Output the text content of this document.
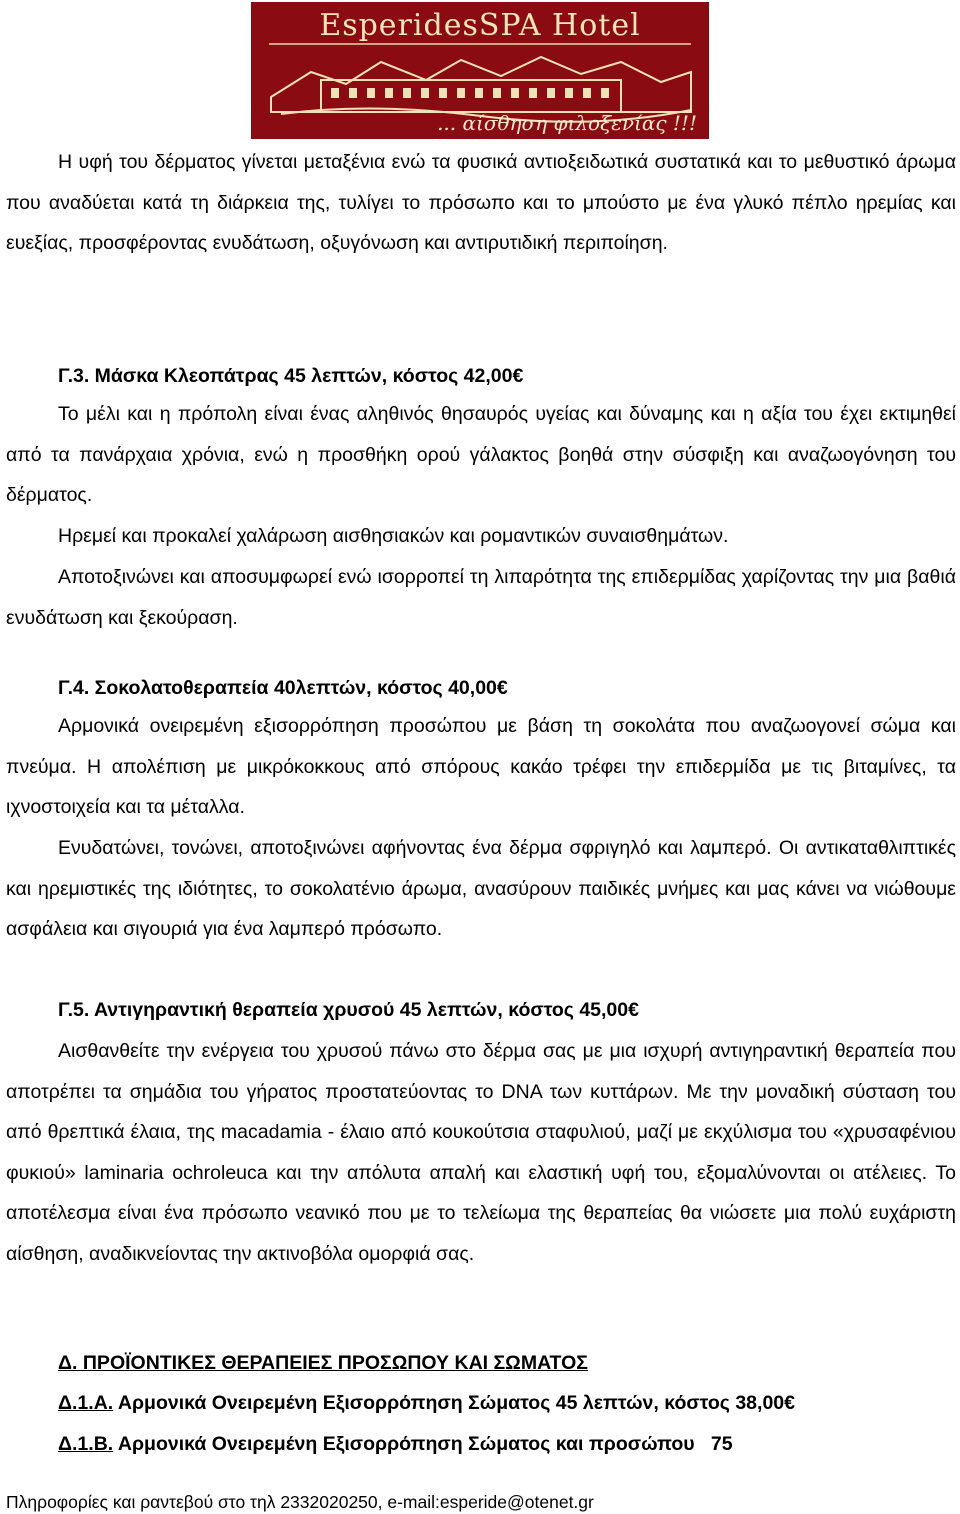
EsperidesSPA Hotel
... αίσθηση φιλοξενίας !!!

Η υφή του δέρματος γίνεται μεταξένια ενώ τα φυσικά αντιοξειδωτικά συστατικά και το μεθυστικό άρωμα που αναδύεται κατά τη διάρκεια της, τυλίγει το πρόσωπο και το μπούστο με ένα γλυκό πέπλο ηρεμίας και ευεξίας, προσφέροντας ενυδάτωση, οξυγόνωση και αντιρυτιδική περιποίηση.

Γ.3. Μάσκα Κλεοπάτρας 45 λεπτών, κόστος 42,00€

Το μέλι και η πρόπολη είναι ένας αληθινός θησαυρός υγείας και δύναμης και η αξία του έχει εκτιμηθεί από τα πανάρχαια χρόνια, ενώ η προσθήκη ορού γάλακτος βοηθά στην σύσφιξη και αναζωογόνηση του δέρματος.

Ηρεμεί και προκαλεί χαλάρωση αισθησιακών και ρομαντικών συναισθημάτων.

Αποτοξινώνει και αποσυμφωρεί ενώ ισορροπεί τη λιπαρότητα της επιδερμίδας χαρίζοντας την μια βαθιά ενυδάτωση και ξεκούραση.

Γ.4. Σοκολατοθεραπεία 40λεπτών, κόστος 40,00€

Αρμονικά ονειρεμένη εξισορρόπηση προσώπου με βάση τη σοκολάτα που αναζωογονεί σώμα και πνεύμα. Η απολέπιση με μικρόκοκκους από σπόρους κακάο τρέφει την επιδερμίδα με τις βιταμίνες, τα ιχνοστοιχεία και τα μέταλλα.

Ενυδατώνει, τονώνει, αποτοξινώνει αφήνοντας ένα δέρμα σφριγηλό και λαμπερό. Οι αντικαταθλιπτικές και ηρεμιστικές της ιδιότητες, το σοκολατένιο άρωμα, ανασύρουν παιδικές μνήμες και μας κάνει να νιώθουμε ασφάλεια και σιγουριά για ένα λαμπερό πρόσωπο.

Γ.5. Αντιγηραντική θεραπεία χρυσού 45 λεπτών, κόστος 45,00€

Αισθανθείτε την ενέργεια του χρυσού πάνω στο δέρμα σας με μια ισχυρή αντιγηραντική θεραπεία που αποτρέπει τα σημάδια του γήρατος προστατεύοντας το DNA των κυττάρων. Με την μοναδική σύσταση του από θρεπτικά έλαια, της macadamia - έλαιο από κουκούτσια σταφυλιού, μαζί με εκχύλισμα του «χρυσαφένιου φυκιού» laminaria ochroleuca και την απόλυτα απαλή και ελαστική υφή του, εξομαλύνονται οι ατέλειες. Το αποτέλεσμα είναι ένα πρόσωπο νεανικό που με το τελείωμα της θεραπείας θα νιώσετε μια πολύ ευχάριστη αίσθηση, αναδικνείοντας την ακτινοβόλα ομορφιά σας.

Δ. ΠΡΟΪΟΝΤΙΚΕΣ ΘΕΡΑΠΕΙΕΣ ΠΡΟΣΩΠΟΥ ΚΑΙ ΣΩΜΑΤΟΣ

Δ.1.Α. Αρμονικά Ονειρεμένη Εξισορρόπηση Σώματος 45 λεπτών, κόστος 38,00€

Δ.1.Β. Αρμονικά Ονειρεμένη Εξισορρόπηση Σώματος και προσώπου   75

Πληροφορίες και ραντεβού στο τηλ 2332020250, e-mail:esperide@otenet.gr
